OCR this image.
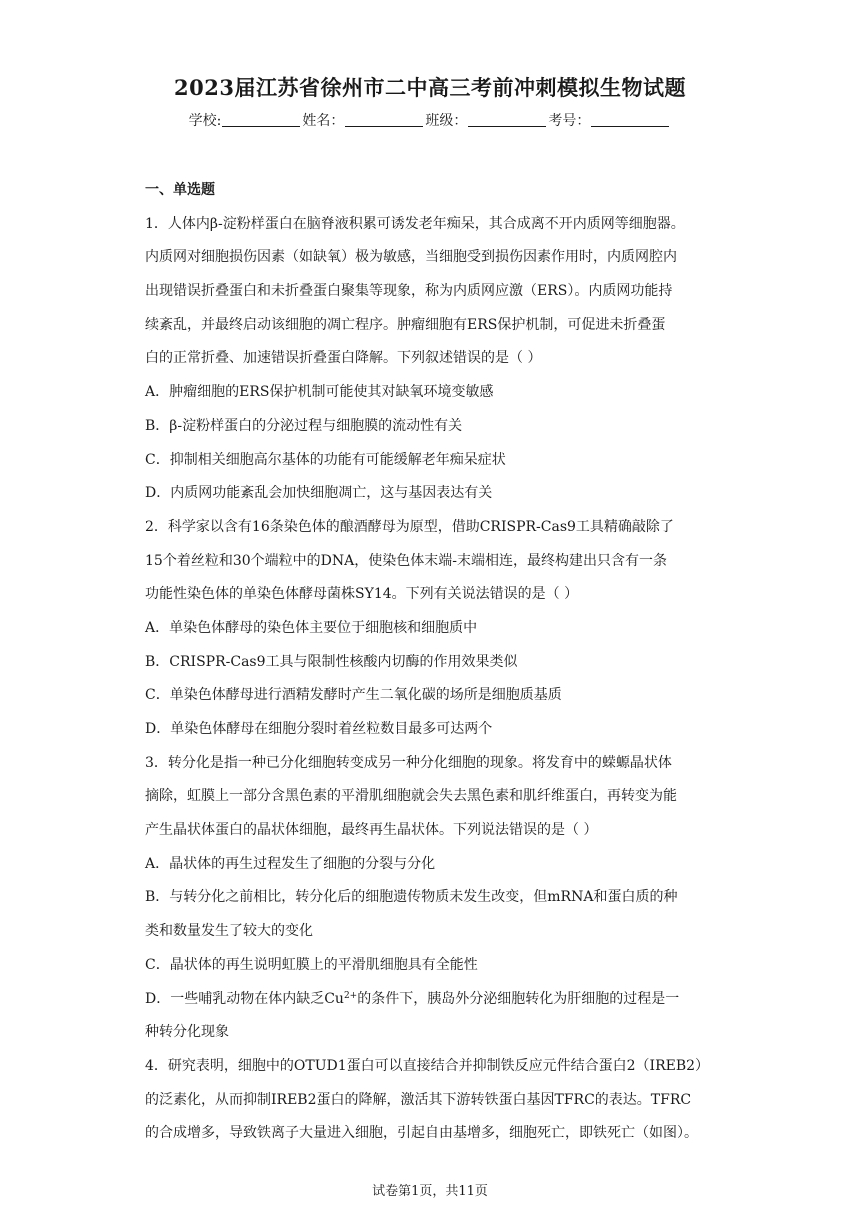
2023届江苏省徐州市二中高三考前冲刺模拟生物试题
学校:	姓名：	班级：	考号：
一、单选题
1．人体内β-淀粉样蛋白在脑脊液积累可诱发老年痴呆，其合成离不开内质网等细胞器。
内质网对细胞损伤因素（如缺氧）极为敏感，当细胞受到损伤因素作用时，内质网腔内
出现错误折叠蛋白和未折叠蛋白聚集等现象，称为内质网应激（ERS）。内质网功能持
续紊乱，并最终启动该细胞的凋亡程序。肿瘤细胞有ERS保护机制，可促进未折叠蛋
白的正常折叠、加速错误折叠蛋白降解。下列叙述错误的是（ ）
A．肿瘤细胞的ERS保护机制可能使其对缺氧环境变敏感
B．β-淀粉样蛋白的分泌过程与细胞膜的流动性有关
C．抑制相关细胞高尔基体的功能有可能缓解老年痴呆症状
D．内质网功能紊乱会加快细胞凋亡，这与基因表达有关
2．科学家以含有16条染色体的酿酒酵母为原型，借助CRISPR-Cas9工具精确敲除了
15个着丝粒和30个端粒中的DNA，使染色体末端-末端相连，最终构建出只含有一条
功能性染色体的单染色体酵母菌株SY14。下列有关说法错误的是（ ）
A．单染色体酵母的染色体主要位于细胞核和细胞质中
B．CRISPR-Cas9工具与限制性核酸内切酶的作用效果类似
C．单染色体酵母进行酒精发酵时产生二氧化碳的场所是细胞质基质
D．单染色体酵母在细胞分裂时着丝粒数目最多可达两个
3．转分化是指一种已分化细胞转变成另一种分化细胞的现象。将发育中的蝾螈晶状体
摘除，虹膜上一部分含黑色素的平滑肌细胞就会失去黑色素和肌纤维蛋白，再转变为能
产生晶状体蛋白的晶状体细胞，最终再生晶状体。下列说法错误的是（ ）
A．晶状体的再生过程发生了细胞的分裂与分化
B．与转分化之前相比，转分化后的细胞遗传物质未发生改变，但mRNA和蛋白质的种
类和数量发生了较大的变化
C．晶状体的再生说明虹膜上的平滑肌细胞具有全能性
D．一些哺乳动物在体内缺乏$Cu^{2+}$的条件下，胰岛外分泌细胞转化为肝细胞的过程是一
种转分化现象
4．研究表明，细胞中的OTUD1蛋白可以直接结合并抑制铁反应元件结合蛋白2（IREB2）
的泛素化，从而抑制IREB2蛋白的降解，激活其下游转铁蛋白基因TFRC的表达。TFRC
的合成增多，导致铁离子大量进入细胞，引起自由基增多，细胞死亡，即铁死亡（如图）。
试卷第1页，共11页
